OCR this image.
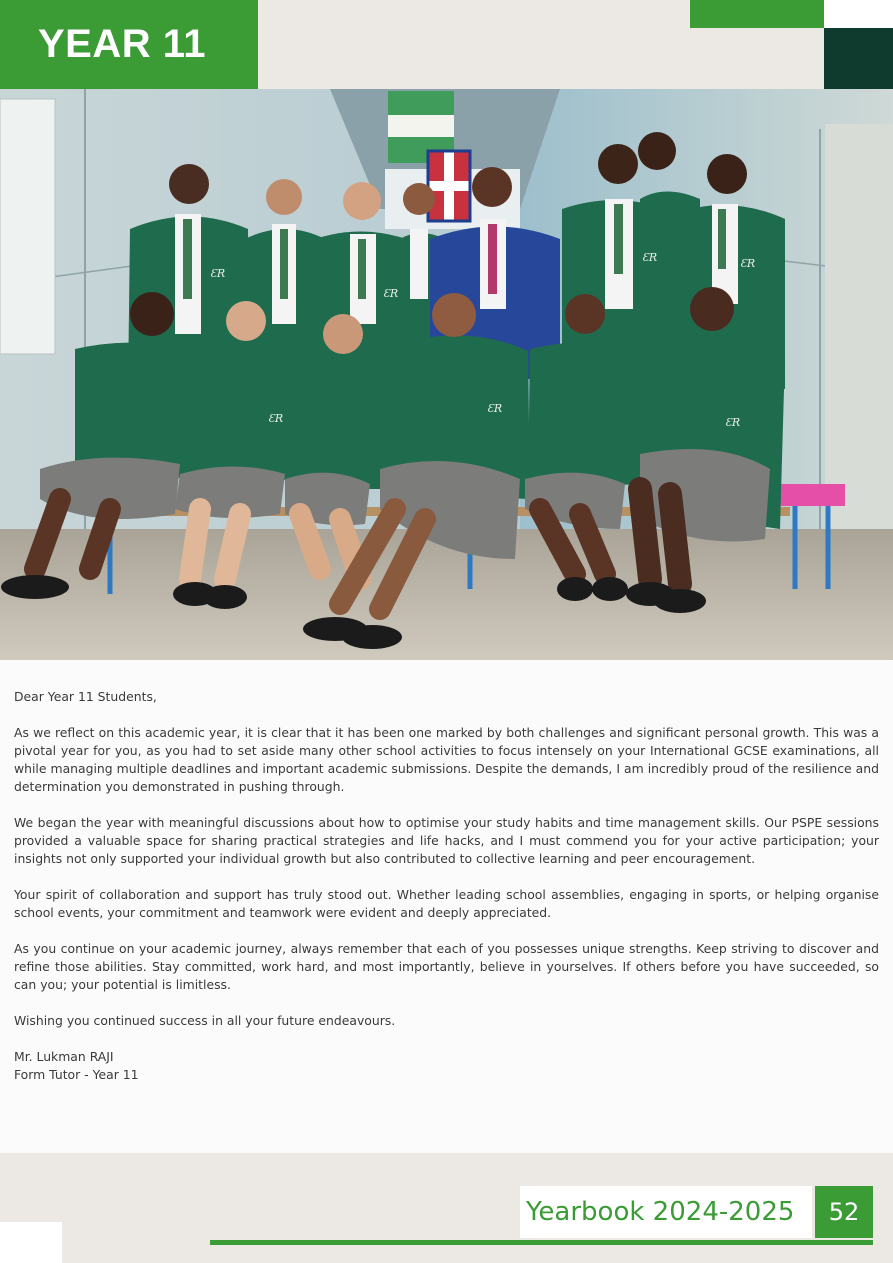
YEAR 11
ƐR
ƐR
ƐR	ƐR
ƐR
ƐR
ƐR

Dear Year 11 Students,

As we reflect on this academic year, it is clear that it has been one marked by both challenges and significant personal growth. This was a pivotal year for you, as you had to set aside many other school activities to focus intensely on your International GCSE examinations, all while managing multiple deadlines and important academic submissions. Despite the demands, I am incredibly proud of the resilience and determination you demonstrated in pushing through.

We began the year with meaningful discussions about how to optimise your study habits and time management skills. Our PSPE sessions provided a valuable space for sharing practical strategies and life hacks, and I must commend you for your active participation; your insights not only supported your individual growth but also contributed to collective learning and peer encouragement.

Your spirit of collaboration and support has truly stood out. Whether leading school assemblies, engaging in sports, or helping organise school events, your commitment and teamwork were evident and deeply appreciated.

As you continue on your academic journey, always remember that each of you possesses unique strengths. Keep striving to discover and refine those abilities. Stay committed, work hard, and most importantly, believe in yourselves. If others before you have succeeded, so can you; your potential is limitless.

Wishing you continued success in all your future endeavours.

Mr. Lukman RAJI

Form Tutor - Year 11

Yearbook 2024-2025	52
